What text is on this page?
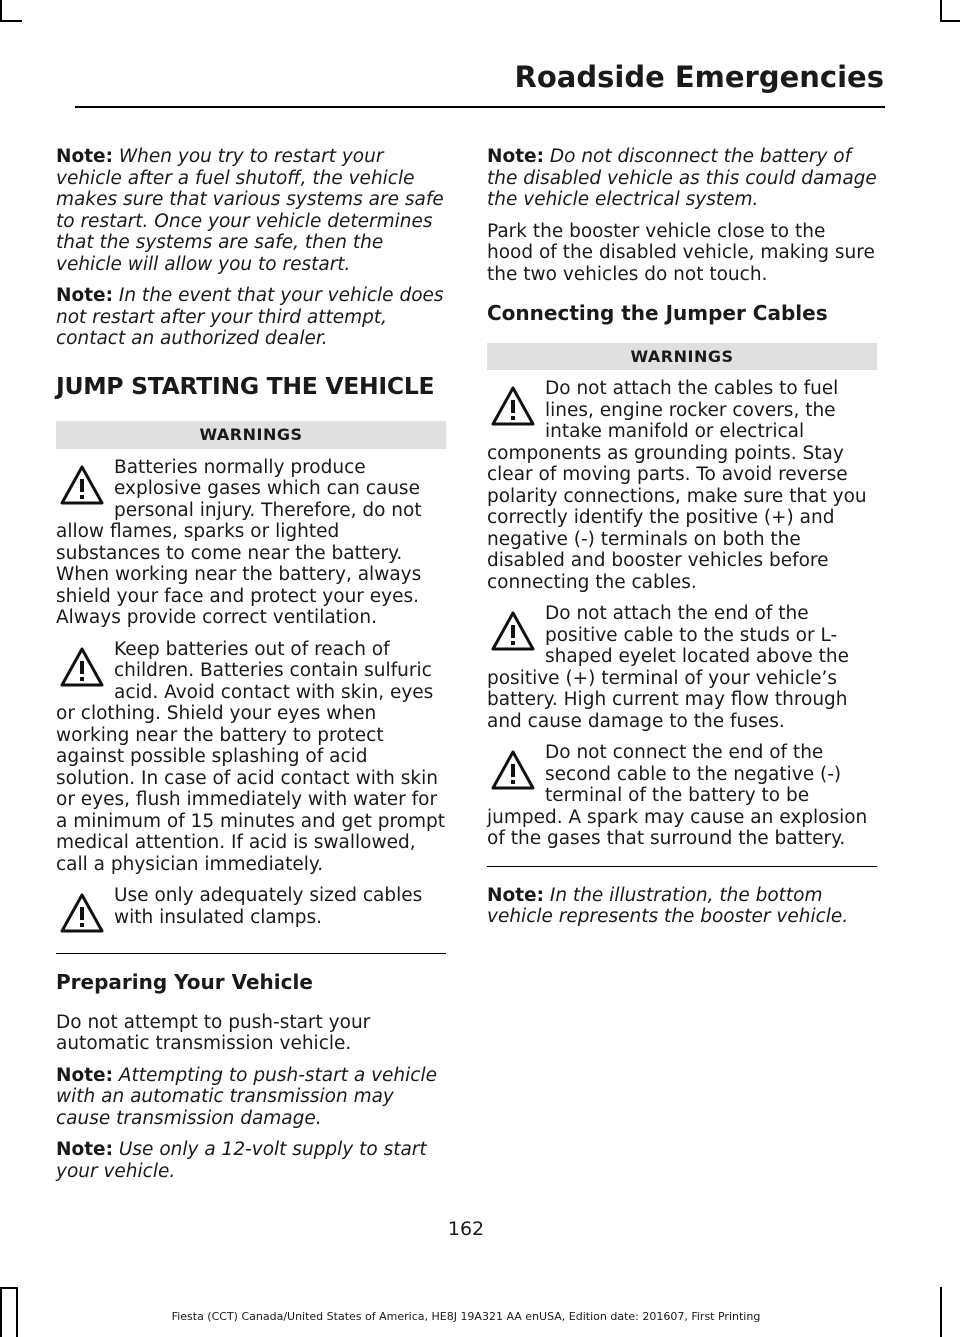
Roadside Emergencies

Note: When you try to restart your vehicle after a fuel shutoff, the vehicle makes sure that various systems are safe to restart. Once your vehicle determines that the systems are safe, then the vehicle will allow you to restart.

Note: In the event that your vehicle does not restart after your third attempt, contact an authorized dealer.

JUMP STARTING THE VEHICLE
WARNINGS
Batteries normally produce explosive gases which can cause personal injury. Therefore, do not allow flames, sparks or lighted substances to come near the battery. When working near the battery, always shield your face and protect your eyes. Always provide correct ventilation.
Keep batteries out of reach of children. Batteries contain sulfuric acid. Avoid contact with skin, eyes or clothing. Shield your eyes when working near the battery to protect against possible splashing of acid solution. In case of acid contact with skin or eyes, flush immediately with water for a minimum of 15 minutes and get prompt medical attention. If acid is swallowed, call a physician immediately.
Use only adequately sized cables with insulated clamps.
Preparing Your Vehicle

Do not attempt to push-start your automatic transmission vehicle.

Note: Attempting to push-start a vehicle with an automatic transmission may cause transmission damage.

Note: Use only a 12-volt supply to start your vehicle.

Note: Do not disconnect the battery of the disabled vehicle as this could damage the vehicle electrical system.

Park the booster vehicle close to the hood of the disabled vehicle, making sure the two vehicles do not touch.

Connecting the Jumper Cables
WARNINGS
Do not attach the cables to fuel lines, engine rocker covers, the intake manifold or electrical components as grounding points. Stay clear of moving parts. To avoid reverse polarity connections, make sure that you correctly identify the positive (+) and negative (-) terminals on both the disabled and booster vehicles before connecting the cables.
Do not attach the end of the positive cable to the studs or L-shaped eyelet located above the positive (+) terminal of your vehicle’s battery. High current may flow through and cause damage to the fuses.
Do not connect the end of the second cable to the negative (-) terminal of the battery to be jumped. A spark may cause an explosion of the gases that surround the battery.

Note: In the illustration, the bottom vehicle represents the booster vehicle.

162
Fiesta (CCT) Canada/United States of America, HE8J 19A321 AA enUSA, Edition date: 201607, First Printing
